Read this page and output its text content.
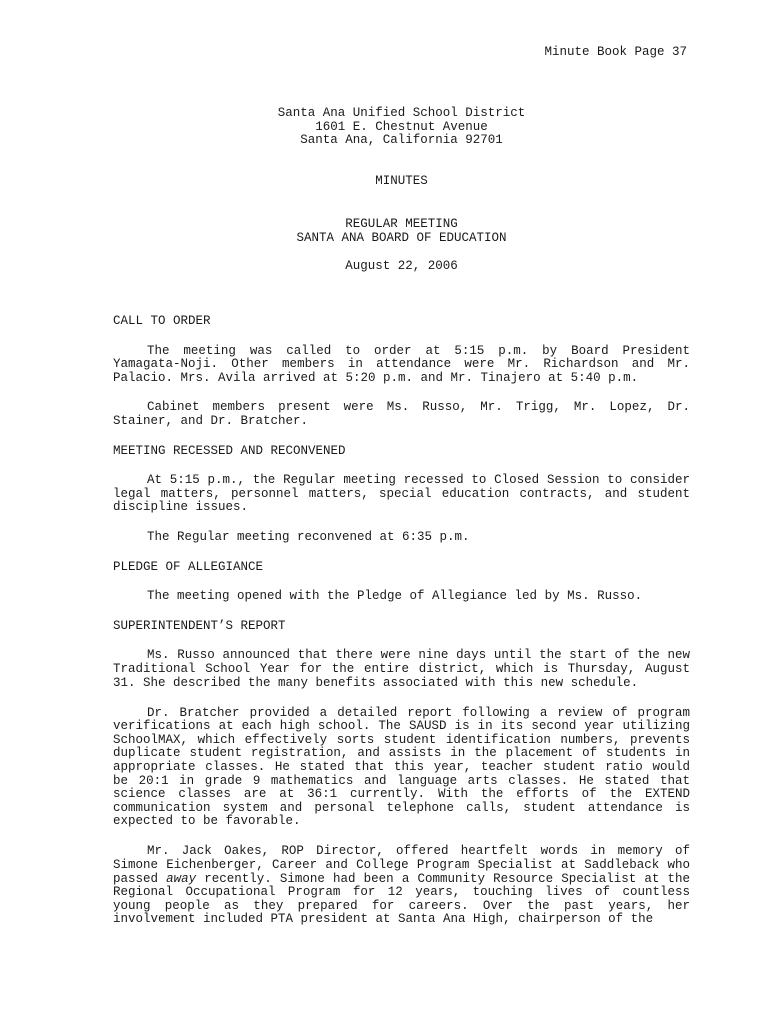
Minute Book Page 37
Santa Ana Unified School District
1601 E. Chestnut Avenue
Santa Ana, California 92701
MINUTES
REGULAR MEETING
SANTA ANA BOARD OF EDUCATION
August 22, 2006

CALL TO ORDER

The meeting was called to order at 5:15 p.m. by Board President Yamagata-Noji. Other members in attendance were Mr. Richardson and Mr. Palacio. Mrs. Avila arrived at 5:20 p.m. and Mr. Tinajero at 5:40 p.m.

Cabinet members present were Ms. Russo, Mr. Trigg, Mr. Lopez, Dr. Stainer, and Dr. Bratcher.

MEETING RECESSED AND RECONVENED

At 5:15 p.m., the Regular meeting recessed to Closed Session to consider legal matters, personnel matters, special education contracts, and student discipline issues.

The Regular meeting reconvened at 6:35 p.m.

PLEDGE OF ALLEGIANCE

The meeting opened with the Pledge of Allegiance led by Ms. Russo.

SUPERINTENDENT’S REPORT

Ms. Russo announced that there were nine days until the start of the new Traditional School Year for the entire district, which is Thursday, August 31. She described the many benefits associated with this new schedule.

Dr. Bratcher provided a detailed report following a review of program verifications at each high school. The SAUSD is in its second year utilizing SchoolMAX, which effectively sorts student identification numbers, prevents duplicate student registration, and assists in the placement of students in appropriate classes. He stated that this year, teacher student ratio would be 20:1 in grade 9 mathematics and language arts classes. He stated that science classes are at 36:1 currently. With the efforts of the EXTEND communication system and personal telephone calls, student attendance is expected to be favorable.

Mr. Jack Oakes, ROP Director, offered heartfelt words in memory of Simone Eichenberger, Career and College Program Specialist at Saddleback who passed away recently. Simone had been a Community Resource Specialist at the Regional Occupational Program for 12 years, touching lives of countless young people as they prepared for careers. Over the past years, her involvement included PTA president at Santa Ana High, chairperson of the
